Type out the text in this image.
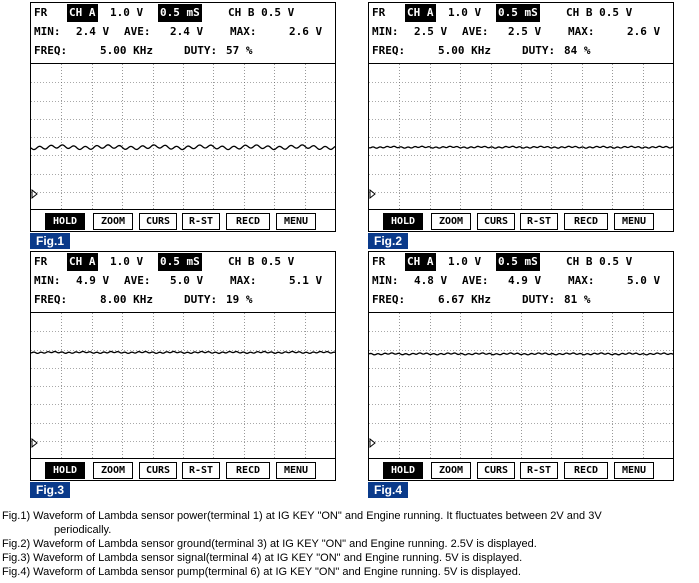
FR

CH A

1.0 V

0.5 mS

	CH B 0.5 V

MIN:

2.4 V

AVE:

2.4 V

MAX:

	2.6 V

FREQ:

	5.00 KHz

	DUTY:

57 %

HOLD	ZOOM	CURS	R-ST	RECD	MENU
Fig.1

FR

CH A

1.0 V

0.5 mS

	CH B 0.5 V

MIN:

2.5 V

AVE:

2.5 V

MAX:

	2.6 V

FREQ:

	5.00 KHz

	DUTY:

84 %

HOLD	ZOOM	CURS	R-ST	RECD	MENU
Fig.2

FR

CH A

1.0 V

0.5 mS

	CH B 0.5 V

MIN:

4.9 V

AVE:

5.0 V

MAX:

	5.1 V

FREQ:

	8.00 KHz

	DUTY:

19 %

HOLD	ZOOM	CURS	R-ST	RECD	MENU
Fig.3

FR

CH A

1.0 V

0.5 mS

	CH B 0.5 V

MIN:

4.8 V

AVE:

4.9 V

MAX:

	5.0 V

FREQ:

	6.67 KHz

	DUTY:

81 %

HOLD	ZOOM	CURS	R-ST	RECD	MENU
Fig.4

Fig.1) Waveform of Lambda sensor power(terminal 1) at IG KEY "ON" and Engine running. It fluctuates between 2V and 3V

periodically.

Fig.2) Waveform of Lambda sensor ground(terminal 3) at IG KEY "ON" and Engine running. 2.5V is displayed.

Fig.3) Waveform of Lambda sensor signal(terminal 4) at IG KEY "ON" and Engine running. 5V is displayed.

Fig.4) Waveform of Lambda sensor pump(terminal 6) at IG KEY "ON" and Engine running. 5V is displayed.
